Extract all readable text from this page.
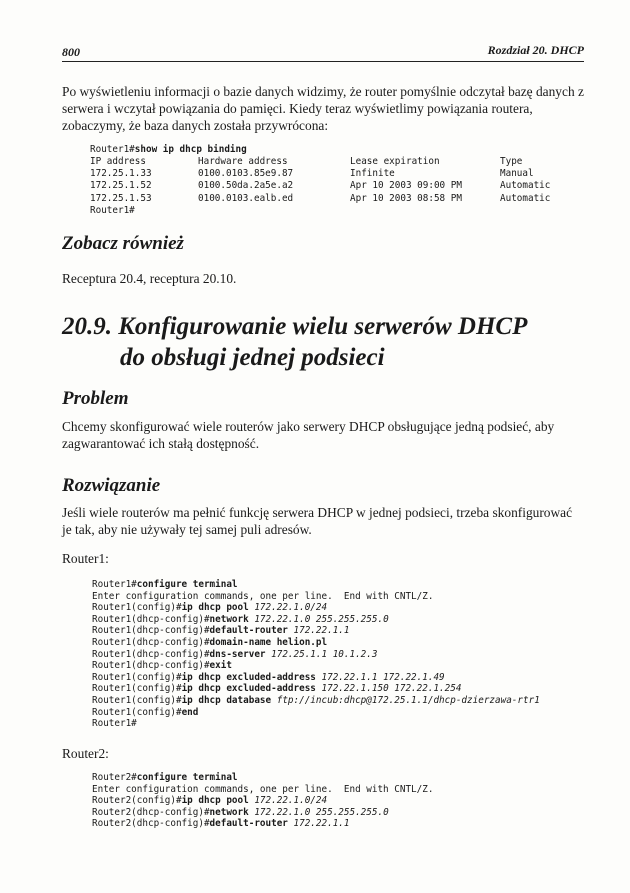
800	Rozdział 20. DHCP

Po wyświetleniu informacji o bazie danych widzimy, że router pomyślnie odczytał bazę danych z serwera i wczytał powiązania do pamięci. Kiedy teraz wyświetlimy powiązania routera, zobaczymy, że baza danych została przywrócona:

Router1#show ip dhcp binding
IP address	Hardware address	Lease expiration	Type
172.25.1.33	0100.0103.85e9.87	Infinite	Manual
172.25.1.52	0100.50da.2a5e.a2	Apr 10 2003 09:00 PM	Automatic
172.25.1.53	0100.0103.ealb.ed	Apr 10 2003 08:58 PM	Automatic
Router1#
Zobacz również

Receptura 20.4, receptura 20.10.

20.9. Konfigurowanie wielu serwerów DHCP
do obsługi jednej podsieci
Problem

Chcemy skonfigurować wiele routerów jako serwery DHCP obsługujące jedną podsieć, aby zagwarantować ich stałą dostępność.

Rozwiązanie

Jeśli wiele routerów ma pełnić funkcję serwera DHCP w jednej podsieci, trzeba skonfigurować je tak, aby nie używały tej samej puli adresów.

Router1:

Router1#configure terminal
Enter configuration commands, one per line.  End with CNTL/Z.
Router1(config)#ip dhcp pool 172.22.1.0/24
Router1(dhcp-config)#network 172.22.1.0 255.255.255.0
Router1(dhcp-config)#default-router 172.22.1.1
Router1(dhcp-config)#domain-name helion.pl
Router1(dhcp-config)#dns-server 172.25.1.1 10.1.2.3
Router1(dhcp-config)#exit
Router1(config)#ip dhcp excluded-address 172.22.1.1 172.22.1.49
Router1(config)#ip dhcp excluded-address 172.22.1.150 172.22.1.254
Router1(config)#ip dhcp database ftp://incub:dhcp@172.25.1.1/dhcp-dzierzawa-rtr1
Router1(config)#end
Router1#

Router2:

Router2#configure terminal
Enter configuration commands, one per line.  End with CNTL/Z.
Router2(config)#ip dhcp pool 172.22.1.0/24
Router2(dhcp-config)#network 172.22.1.0 255.255.255.0
Router2(dhcp-config)#default-router 172.22.1.1
